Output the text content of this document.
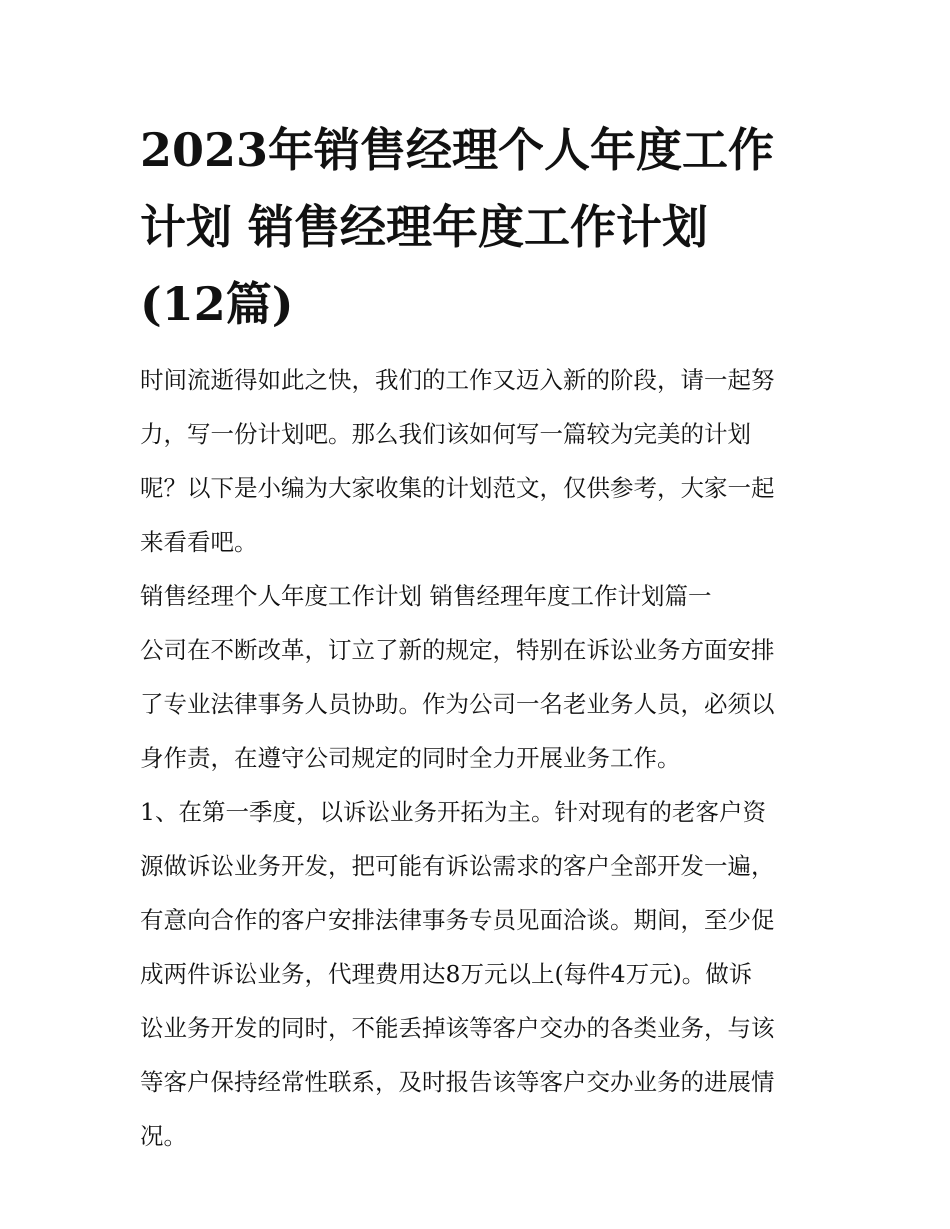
2023年销售经理个人年度工作
计划 销售经理年度工作计划
(12篇)

时间流逝得如此之快，我们的工作又迈入新的阶段，请一起努
力，写一份计划吧。那么我们该如何写一篇较为完美的计划
呢？以下是小编为大家收集的计划范文，仅供参考，大家一起
来看看吧。

销售经理个人年度工作计划 销售经理年度工作计划篇一

公司在不断改革，订立了新的规定，特别在诉讼业务方面安排
了专业法律事务人员协助。作为公司一名老业务人员，必须以
身作责，在遵守公司规定的同时全力开展业务工作。

1、在第一季度，以诉讼业务开拓为主。针对现有的老客户资
源做诉讼业务开发，把可能有诉讼需求的客户全部开发一遍，
有意向合作的客户安排法律事务专员见面洽谈。期间，至少促
成两件诉讼业务，代理费用达8万元以上(每件4万元)。做诉
讼业务开发的同时，不能丢掉该等客户交办的各类业务，与该
等客户保持经常性联系，及时报告该等客户交办业务的进展情
况。
